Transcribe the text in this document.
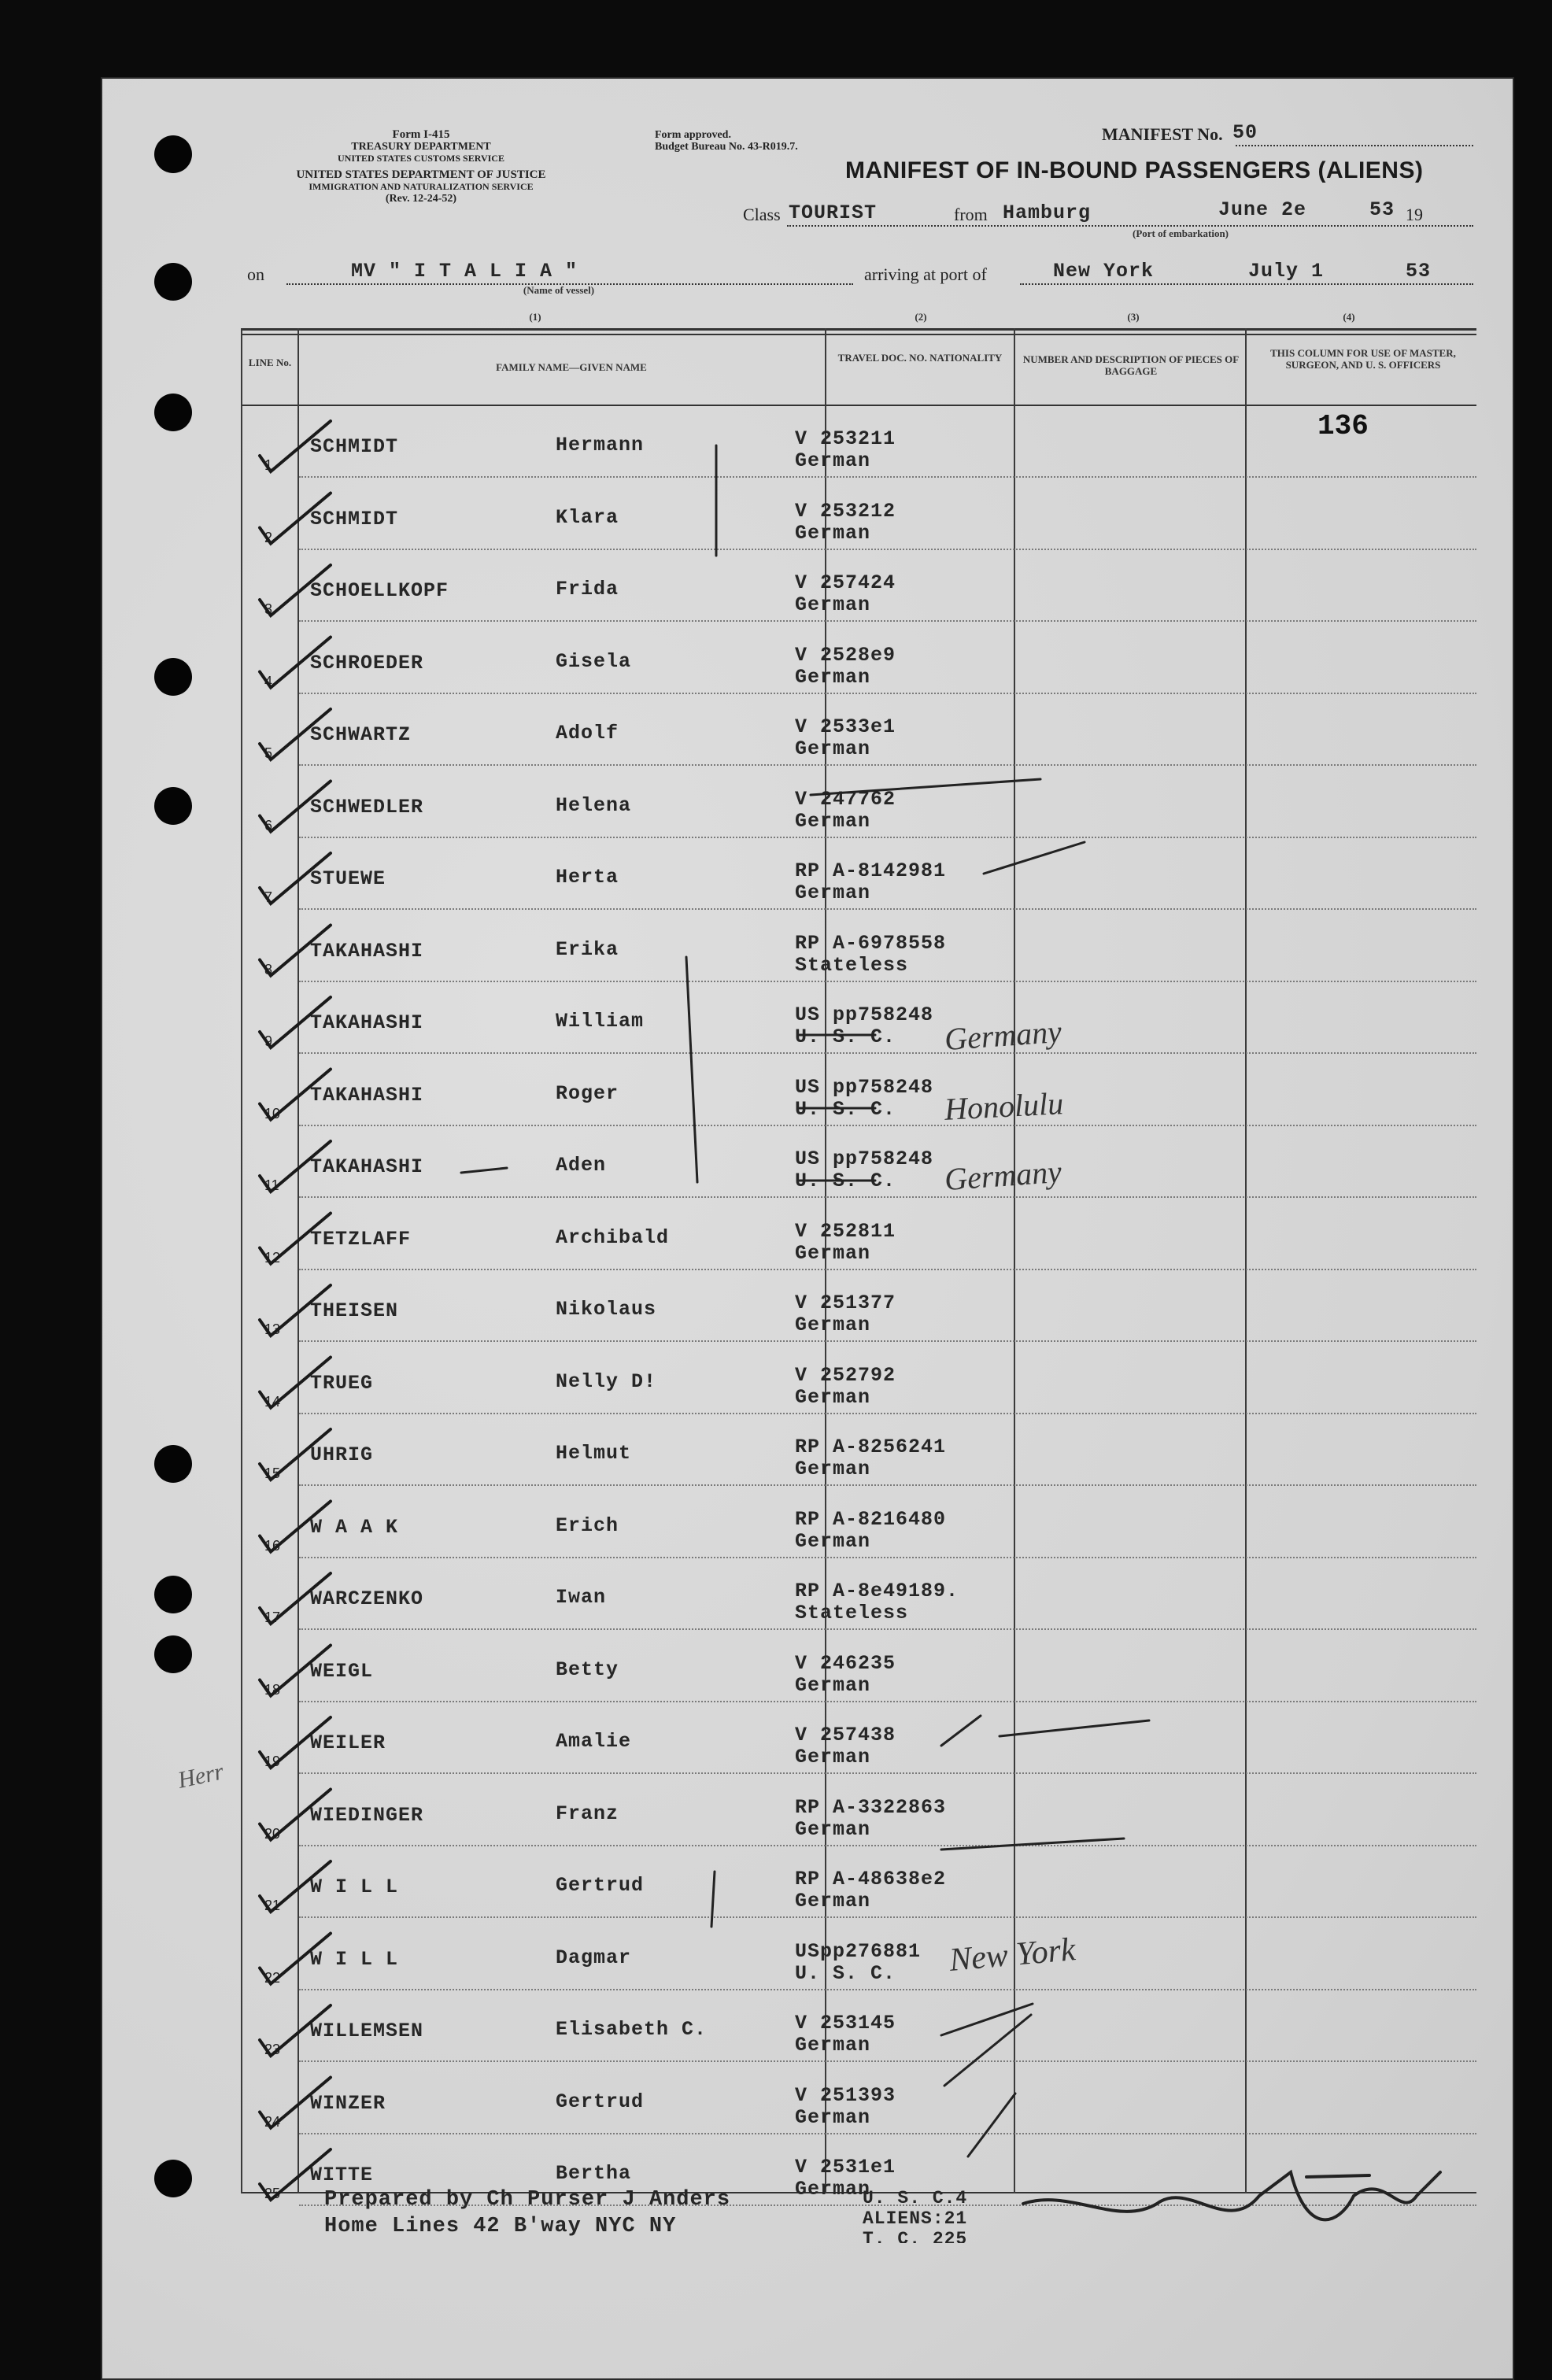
Form I-415
TREASURY DEPARTMENT
UNITED STATES CUSTOMS SERVICE
UNITED STATES DEPARTMENT OF JUSTICE
IMMIGRATION AND NATURALIZATION SERVICE
(Rev. 12-24-52)
Form approved.
Budget Bureau No. 43-R019.7.
MANIFEST No. 50
MANIFEST OF IN-BOUND PASSENGERS (ALIENS)
Class TOURIST	from Hamburg	June 2e	53 19
(Port of embarkation)
on	MV " I T A L I A "
(Name of vessel)
(1)	(2)	(3)	(4)
arriving at port of	New York	July 1	53
LINE No.	FAMILY NAME—GIVEN NAME
TRAVEL DOC. NO. NATIONALITY	NUMBER AND DESCRIPTION OF PIECES OF BAGGAGE
THIS COLUMN FOR USE OF MASTER, SURGEON, AND U. S. OFFICERS
136
1
SCHMIDT	Hermann	V 253211
German
2
SCHMIDT	Klara	V 253212
German
3
SCHOELLKOPF	Frida	V 257424
German
4
SCHROEDER	Gisela	V 2528e9
German
5
SCHWARTZ	Adolf	V 2533e1
German
6
SCHWEDLER	Helena	V 247762
German
7
STUEWE	Herta	RP A-8142981
German
8
TAKAHASHI	Erika	RP A-6978558
Stateless
9
TAKAHASHI	William	US pp758248
U. S. C.
10
TAKAHASHI	Roger	US pp758248
U. S. C.
11
TAKAHASHI	Aden	US pp758248
U. S. C.
12
TETZLAFF	Archibald	V 252811
German
13
THEISEN	Nikolaus	V 251377
German
14
TRUEG	Nelly D!	V 252792
German
15
UHRIG	Helmut	RP A-8256241
German
16
W A A K	Erich	RP A-8216480
German
17
WARCZENKO	Iwan	RP A-8e49189.
Stateless
18
WEIGL	Betty	V 246235
German
19
WEILER	Amalie	V 257438
German
20
WIEDINGER	Franz	RP A-3322863
German
21
W I L L	Gertrud	RP A-48638e2
German
22
W I L L	Dagmar	USpp276881
U. S. C.
23
WILLEMSEN	Elisabeth C.	V 253145
German
24
WINZER	Gertrud	V 251393
German
25
WITTE	Bertha	V 2531e1
German
Prepared by Ch Purser J Anders
Home Lines 42 B'way NYC NY
U. S. C.4
ALIENS:21
T. C. 225
Germany
Honolulu
Germany
New York
Herr
